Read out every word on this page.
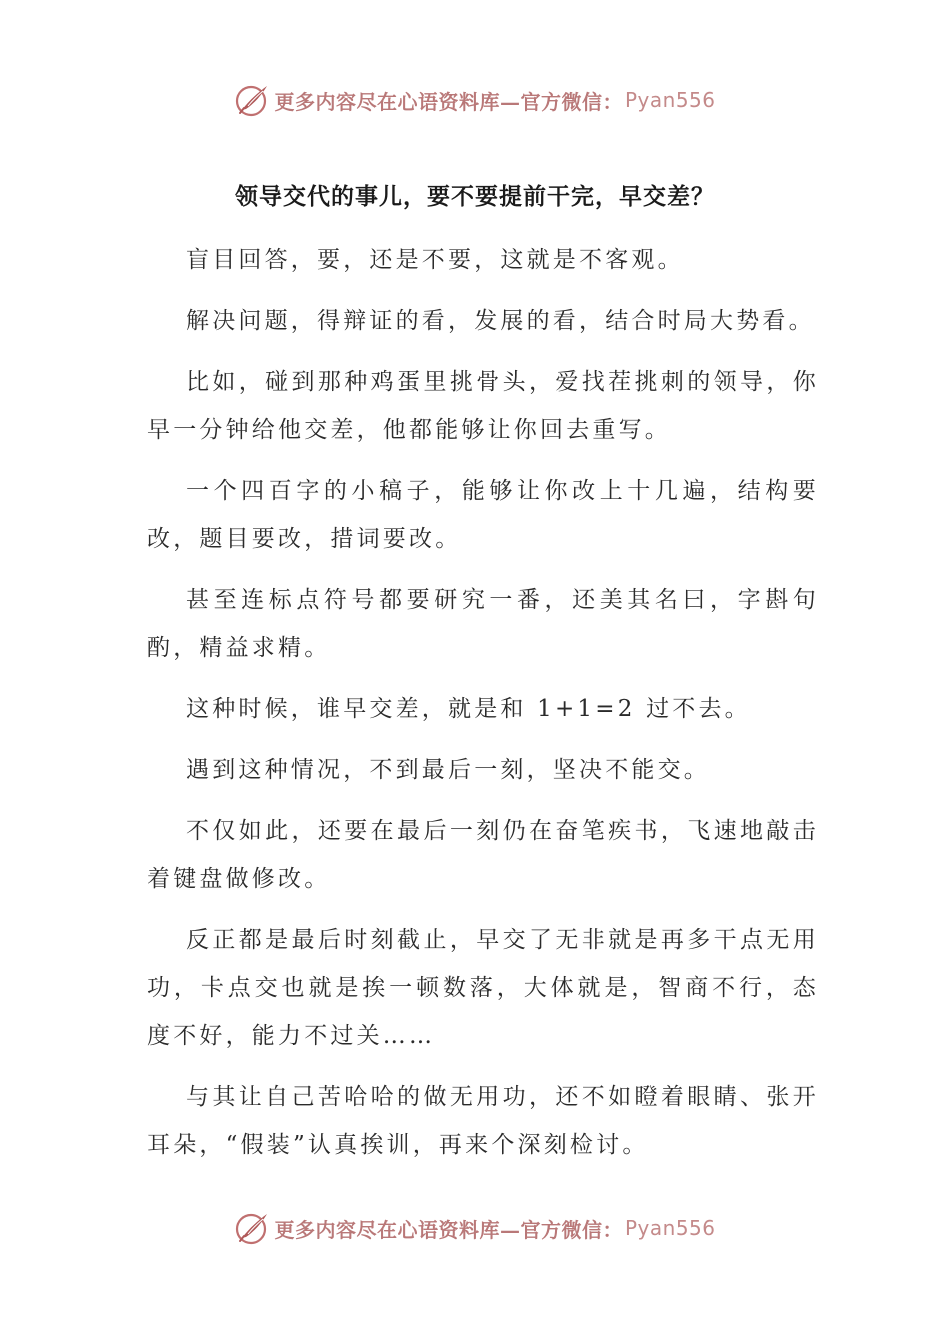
更多内容尽在心语资料库—官方微信： Pyan556
领导交代的事儿，要不要提前干完，早交差？

盲目回答，要，还是不要，这就是不客观。

解决问题，得辩证的看，发展的看，结合时局大势看。

比如，碰到那种鸡蛋里挑骨头，爱找茬挑刺的领导，你早一分钟给他交差，他都能够让你回去重写。

一个四百字的小稿子，能够让你改上十几遍，结构要改，题目要改，措词要改。

甚至连标点符号都要研究一番，还美其名曰，字斟句酌，精益求精。

这种时候，谁早交差，就是和 1+1=2 过不去。

遇到这种情况，不到最后一刻，坚决不能交。

不仅如此，还要在最后一刻仍在奋笔疾书，飞速地敲击着键盘做修改。

反正都是最后时刻截止，早交了无非就是再多干点无用功，卡点交也就是挨一顿数落，大体就是，智商不行，态度不好，能力不过关……

与其让自己苦哈哈的做无用功，还不如瞪着眼睛、张开耳朵，“假装”认真挨训，再来个深刻检讨。

更多内容尽在心语资料库—官方微信： Pyan556
